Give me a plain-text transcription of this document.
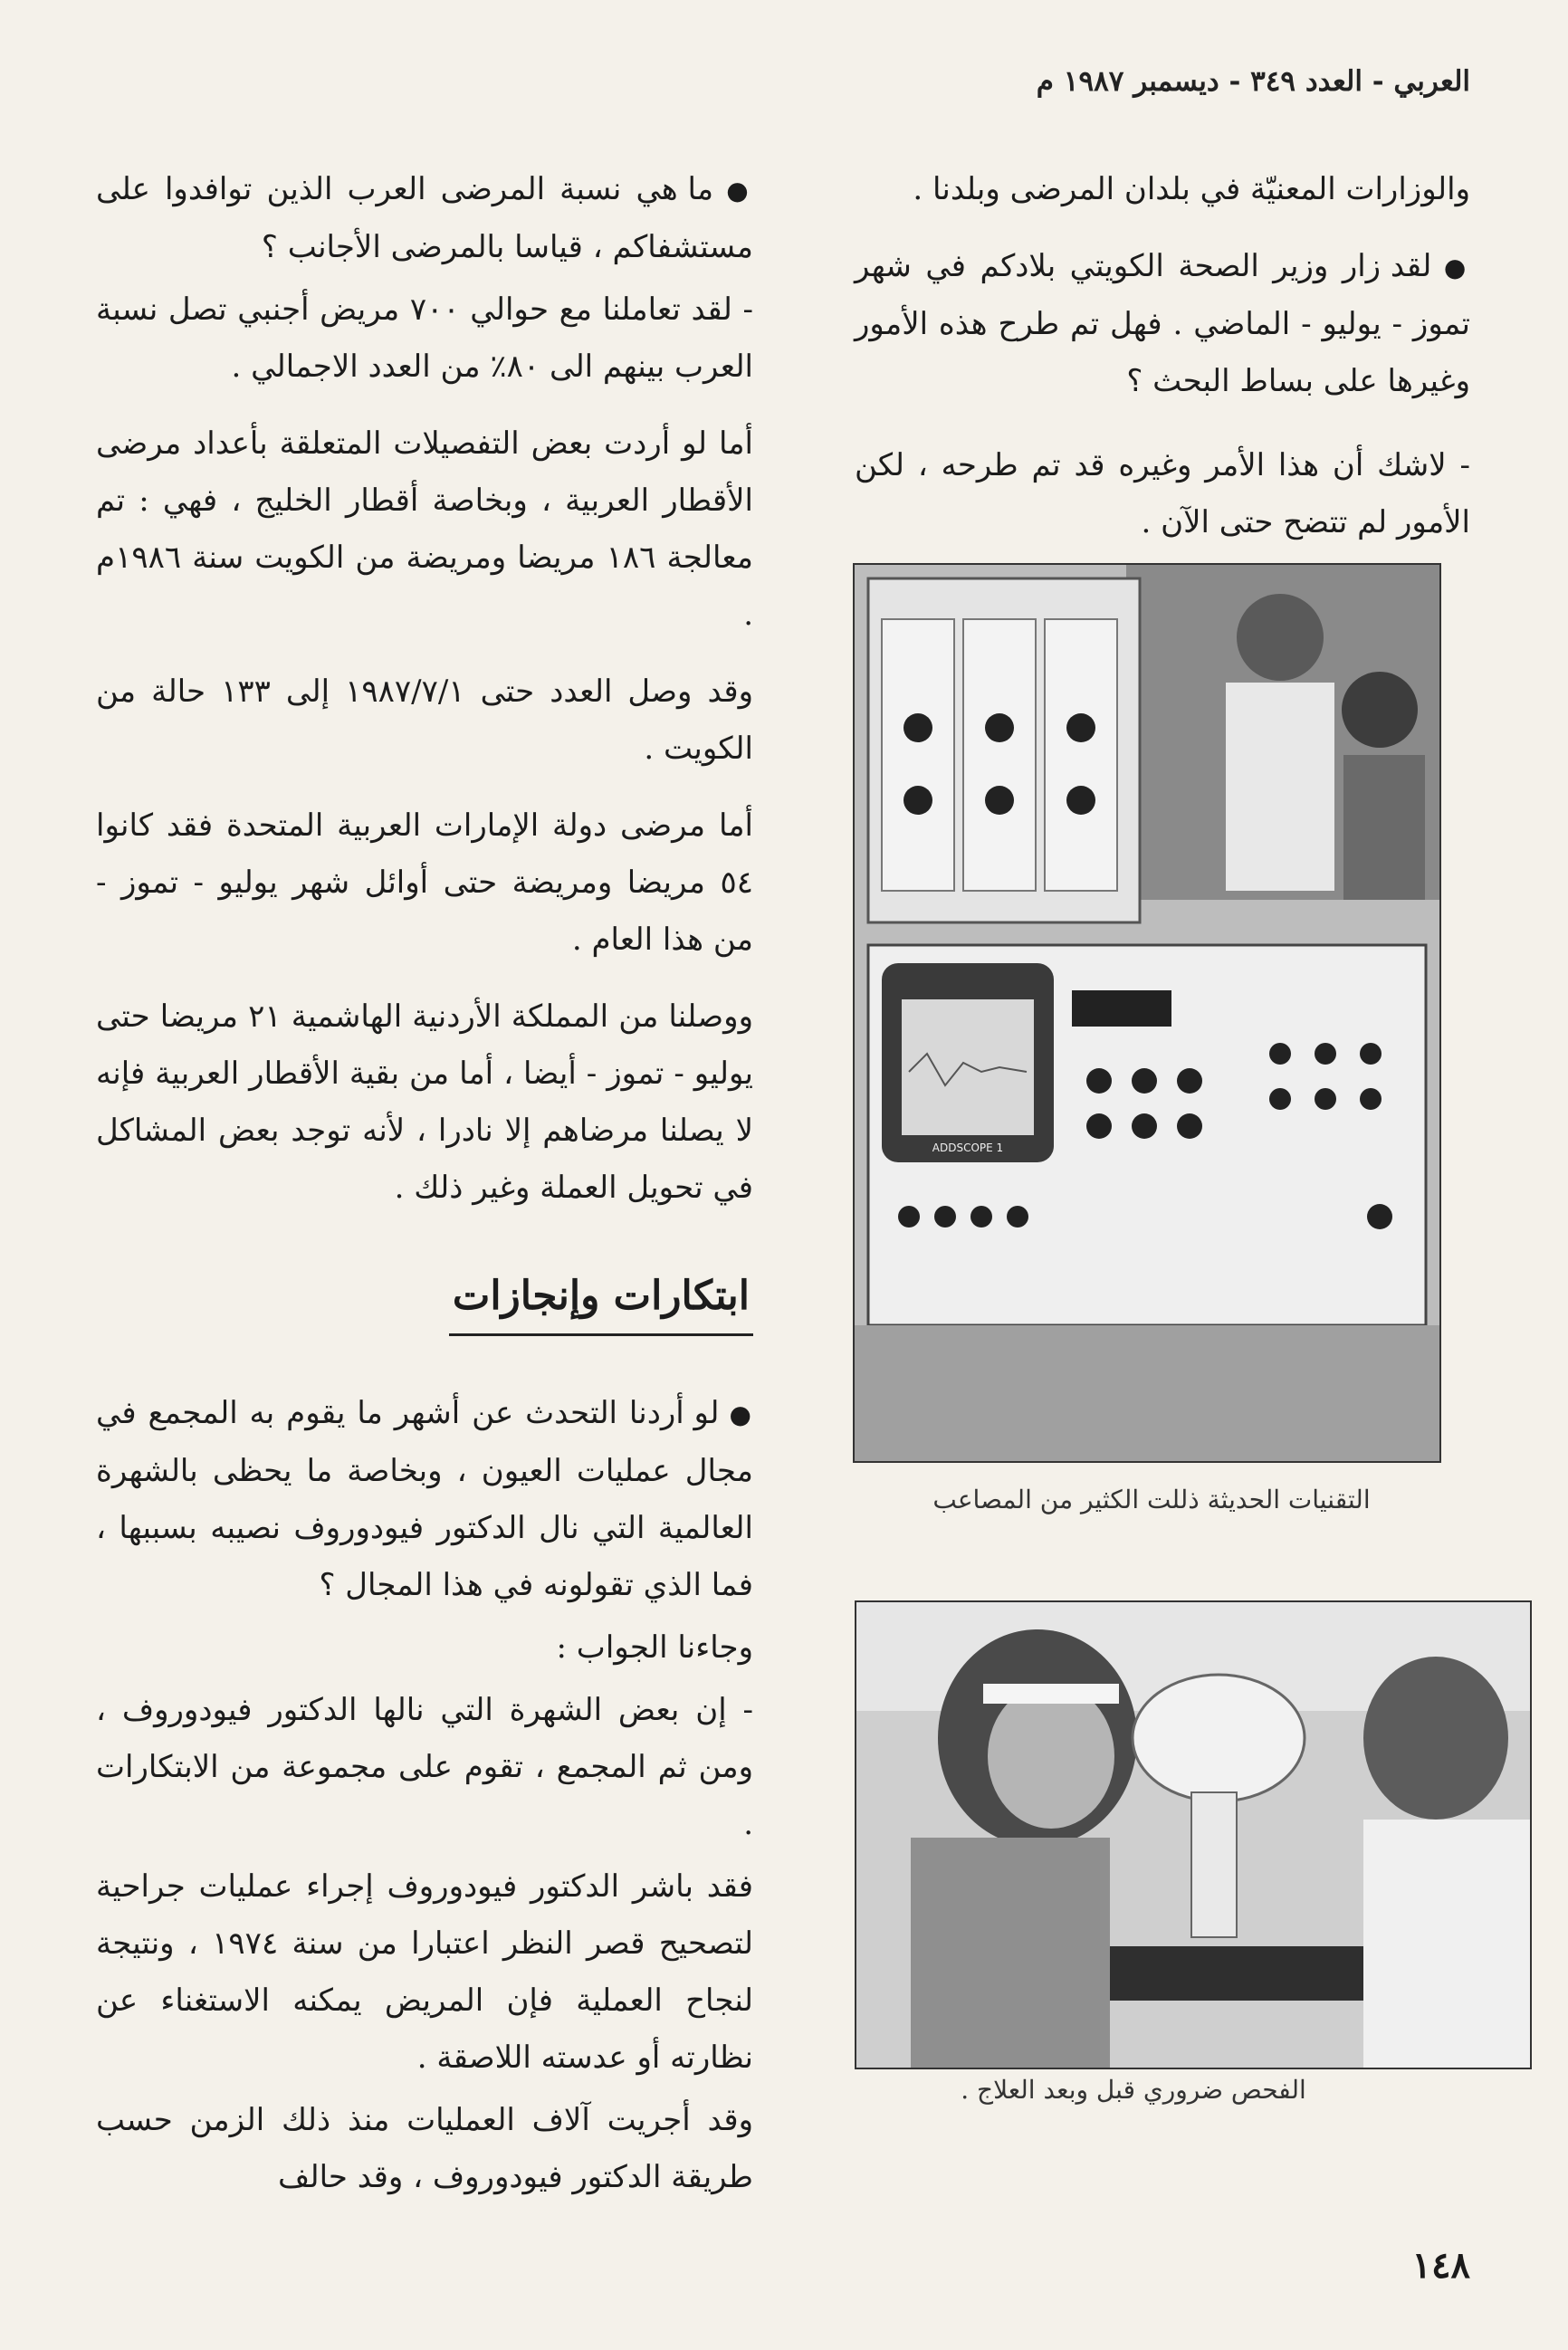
العربي - العدد ٣٤٩ - ديسمبر ١٩٨٧ م

والوزارات المعنيّة في بلدان المرضى وبلدنا .

● لقد زار وزير الصحة الكويتي بلادكم في شهر تموز - يوليو - الماضي . فهل تم طرح هذه الأمور وغيرها على بساط البحث ؟

- لاشك أن هذا الأمر وغيره قد تم طرحه ، لكن الأمور لم تتضح حتى الآن .

ADDSCOPE 1
التقنيات الحديثة ذللت الكثير من المصاعب
الفحص ضروري قبل وبعد العلاج .

● ما هي نسبة المرضى العرب الذين توافدوا على مستشفاكم ، قياسا بالمرضى الأجانب ؟

- لقد تعاملنا مع حوالي ٧٠٠ مريض أجنبي تصل نسبة العرب بينهم الى ٨٠٪ من العدد الاجمالي .

أما لو أردت بعض التفصيلات المتعلقة بأعداد مرضى الأقطار العربية ، وبخاصة أقطار الخليج ، فهي : تم معالجة ١٨٦ مريضا ومريضة من الكويت سنة ١٩٨٦م .

وقد وصل العدد حتى ١٩٨٧/٧/١ إلى ١٣٣ حالة من الكويت .

أما مرضى دولة الإمارات العربية المتحدة فقد كانوا ٥٤ مريضا ومريضة حتى أوائل شهر يوليو - تموز - من هذا العام .

ووصلنا من المملكة الأردنية الهاشمية ٢١ مريضا حتى يوليو - تموز - أيضا ، أما من بقية الأقطار العربية فإنه لا يصلنا مرضاهم إلا نادرا ، لأنه توجد بعض المشاكل في تحويل العملة وغير ذلك .

ابتكارات وإنجازات

● لو أردنا التحدث عن أشهر ما يقوم به المجمع في مجال عمليات العيون ، وبخاصة ما يحظى بالشهرة العالمية التي نال الدكتور فيودوروف نصيبه بسببها ، فما الذي تقولونه في هذا المجال ؟

وجاءنا الجواب :

- إن بعض الشهرة التي نالها الدكتور فيودوروف ، ومن ثم المجمع ، تقوم على مجموعة من الابتكارات .

فقد باشر الدكتور فيودوروف إجراء عمليات جراحية لتصحيح قصر النظر اعتبارا من سنة ١٩٧٤ ، ونتيجة لنجاح العملية فإن المريض يمكنه الاستغناء عن نظارته أو عدسته اللاصقة .

وقد أجريت آلاف العمليات منذ ذلك الزمن حسب طريقة الدكتور فيودوروف ، وقد حالف

١٤٨
